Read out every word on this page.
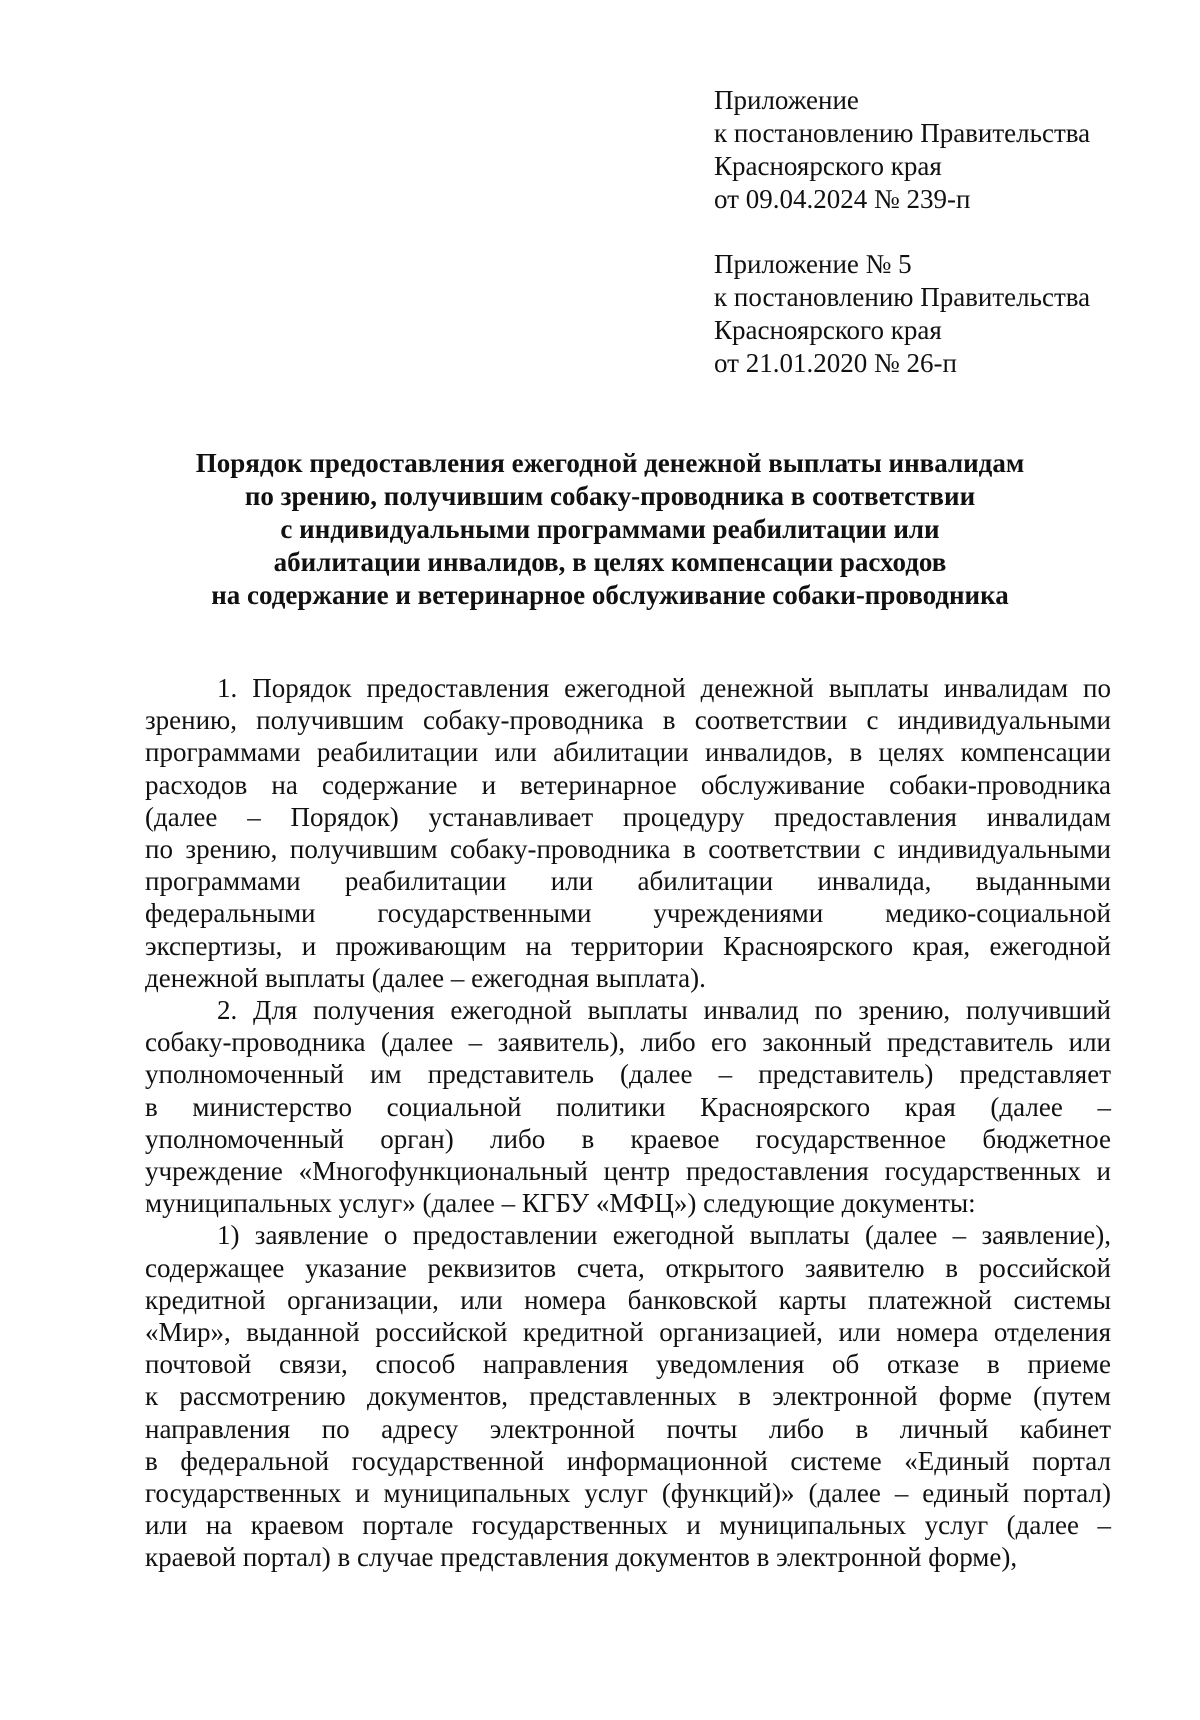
Приложение
к постановлению Правительства
Красноярского края
от 09.04.2024 № 239-п
Приложение № 5
к постановлению Правительства
Красноярского края
от 21.01.2020 № 26-п
Порядок предоставления ежегодной денежной выплаты инвалидам
по зрению, получившим собаку-проводника в соответствии
с индивидуальными программами реабилитации или
абилитации инвалидов, в целях компенсации расходов
на содержание и ветеринарное обслуживание собаки-проводника
1. Порядок предоставления ежегодной денежной выплаты инвалидам по
зрению, получившим собаку-проводника в соответствии с индивидуальными
программами реабилитации или абилитации инвалидов, в целях компенсации
расходов на содержание и ветеринарное обслуживание собаки-проводника
(далее – Порядок) устанавливает процедуру предоставления инвалидам
по зрению, получившим собаку-проводника в соответствии с индивидуальными
программами реабилитации или абилитации инвалида, выданными
федеральными государственными учреждениями медико-социальной
экспертизы, и проживающим на территории Красноярского края, ежегодной
денежной выплаты (далее – ежегодная выплата).
2. Для получения ежегодной выплаты инвалид по зрению, получивший
собаку-проводника (далее – заявитель), либо его законный представитель или
уполномоченный им представитель (далее – представитель) представляет
в министерство социальной политики Красноярского края (далее –
уполномоченный орган) либо в краевое государственное бюджетное
учреждение «Многофункциональный центр предоставления государственных и
муниципальных услуг» (далее – КГБУ «МФЦ») следующие документы:
1) заявление о предоставлении ежегодной выплаты (далее – заявление),
содержащее указание реквизитов счета, открытого заявителю в российской
кредитной организации, или номера банковской карты платежной системы
«Мир», выданной российской кредитной организацией, или номера отделения
почтовой связи, способ направления уведомления об отказе в приеме
к рассмотрению документов, представленных в электронной форме (путем
направления по адресу электронной почты либо в личный кабинет
в федеральной государственной информационной системе «Единый портал
государственных и муниципальных услуг (функций)» (далее – единый портал)
или на краевом портале государственных и муниципальных услуг (далее –
краевой портал) в случае представления документов в электронной форме),
